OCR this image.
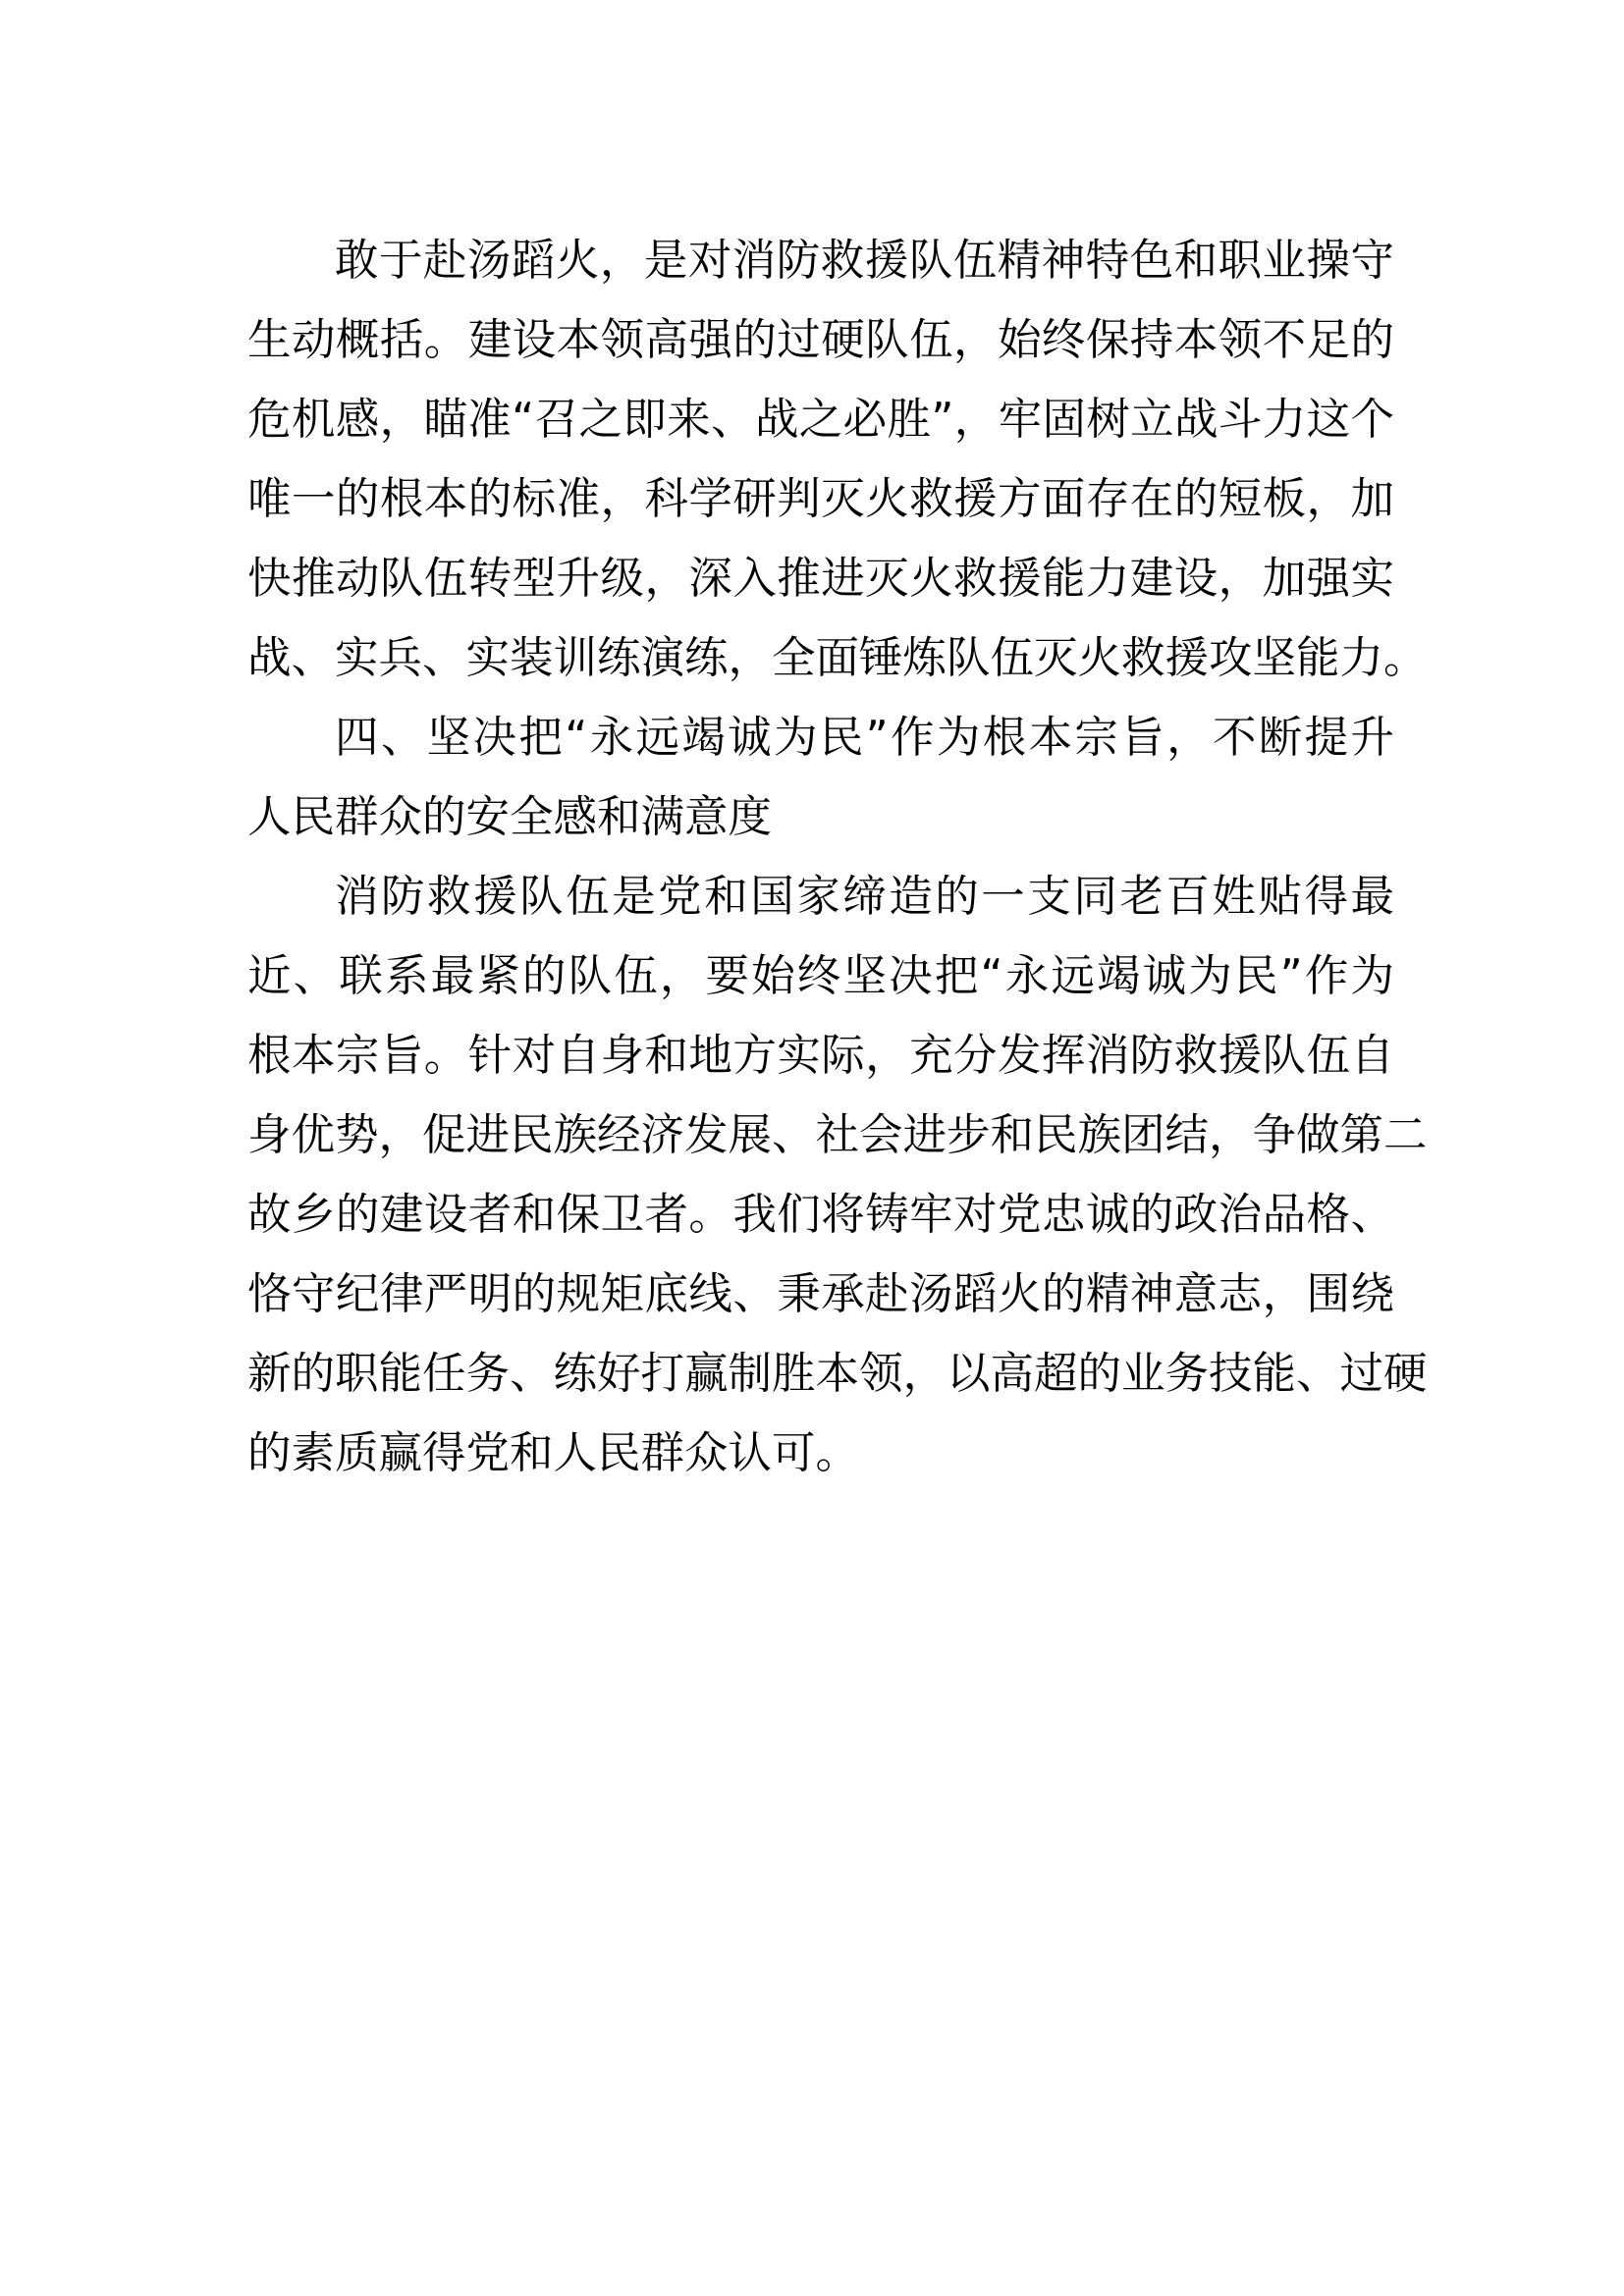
敢于赴汤蹈火，是对消防救援队伍精神特色和职业操守
生动概括。建设本领高强的过硬队伍，始终保持本领不足的
危机感，瞄准“召之即来、战之必胜”，牢固树立战斗力这个
唯一的根本的标准，科学研判灭火救援方面存在的短板，加
快推动队伍转型升级，深入推进灭火救援能力建设，加强实
战、实兵、实装训练演练，全面锤炼队伍灭火救援攻坚能力。
四、坚决把“永远竭诚为民”作为根本宗旨，不断提升
人民群众的安全感和满意度
消防救援队伍是党和国家缔造的一支同老百姓贴得最
近、联系最紧的队伍，要始终坚决把“永远竭诚为民”作为
根本宗旨。针对自身和地方实际，充分发挥消防救援队伍自
身优势，促进民族经济发展、社会进步和民族团结，争做第二
故乡的建设者和保卫者。我们将铸牢对党忠诚的政治品格、
恪守纪律严明的规矩底线、秉承赴汤蹈火的精神意志，围绕
新的职能任务、练好打赢制胜本领，以高超的业务技能、过硬
的素质赢得党和人民群众认可。
